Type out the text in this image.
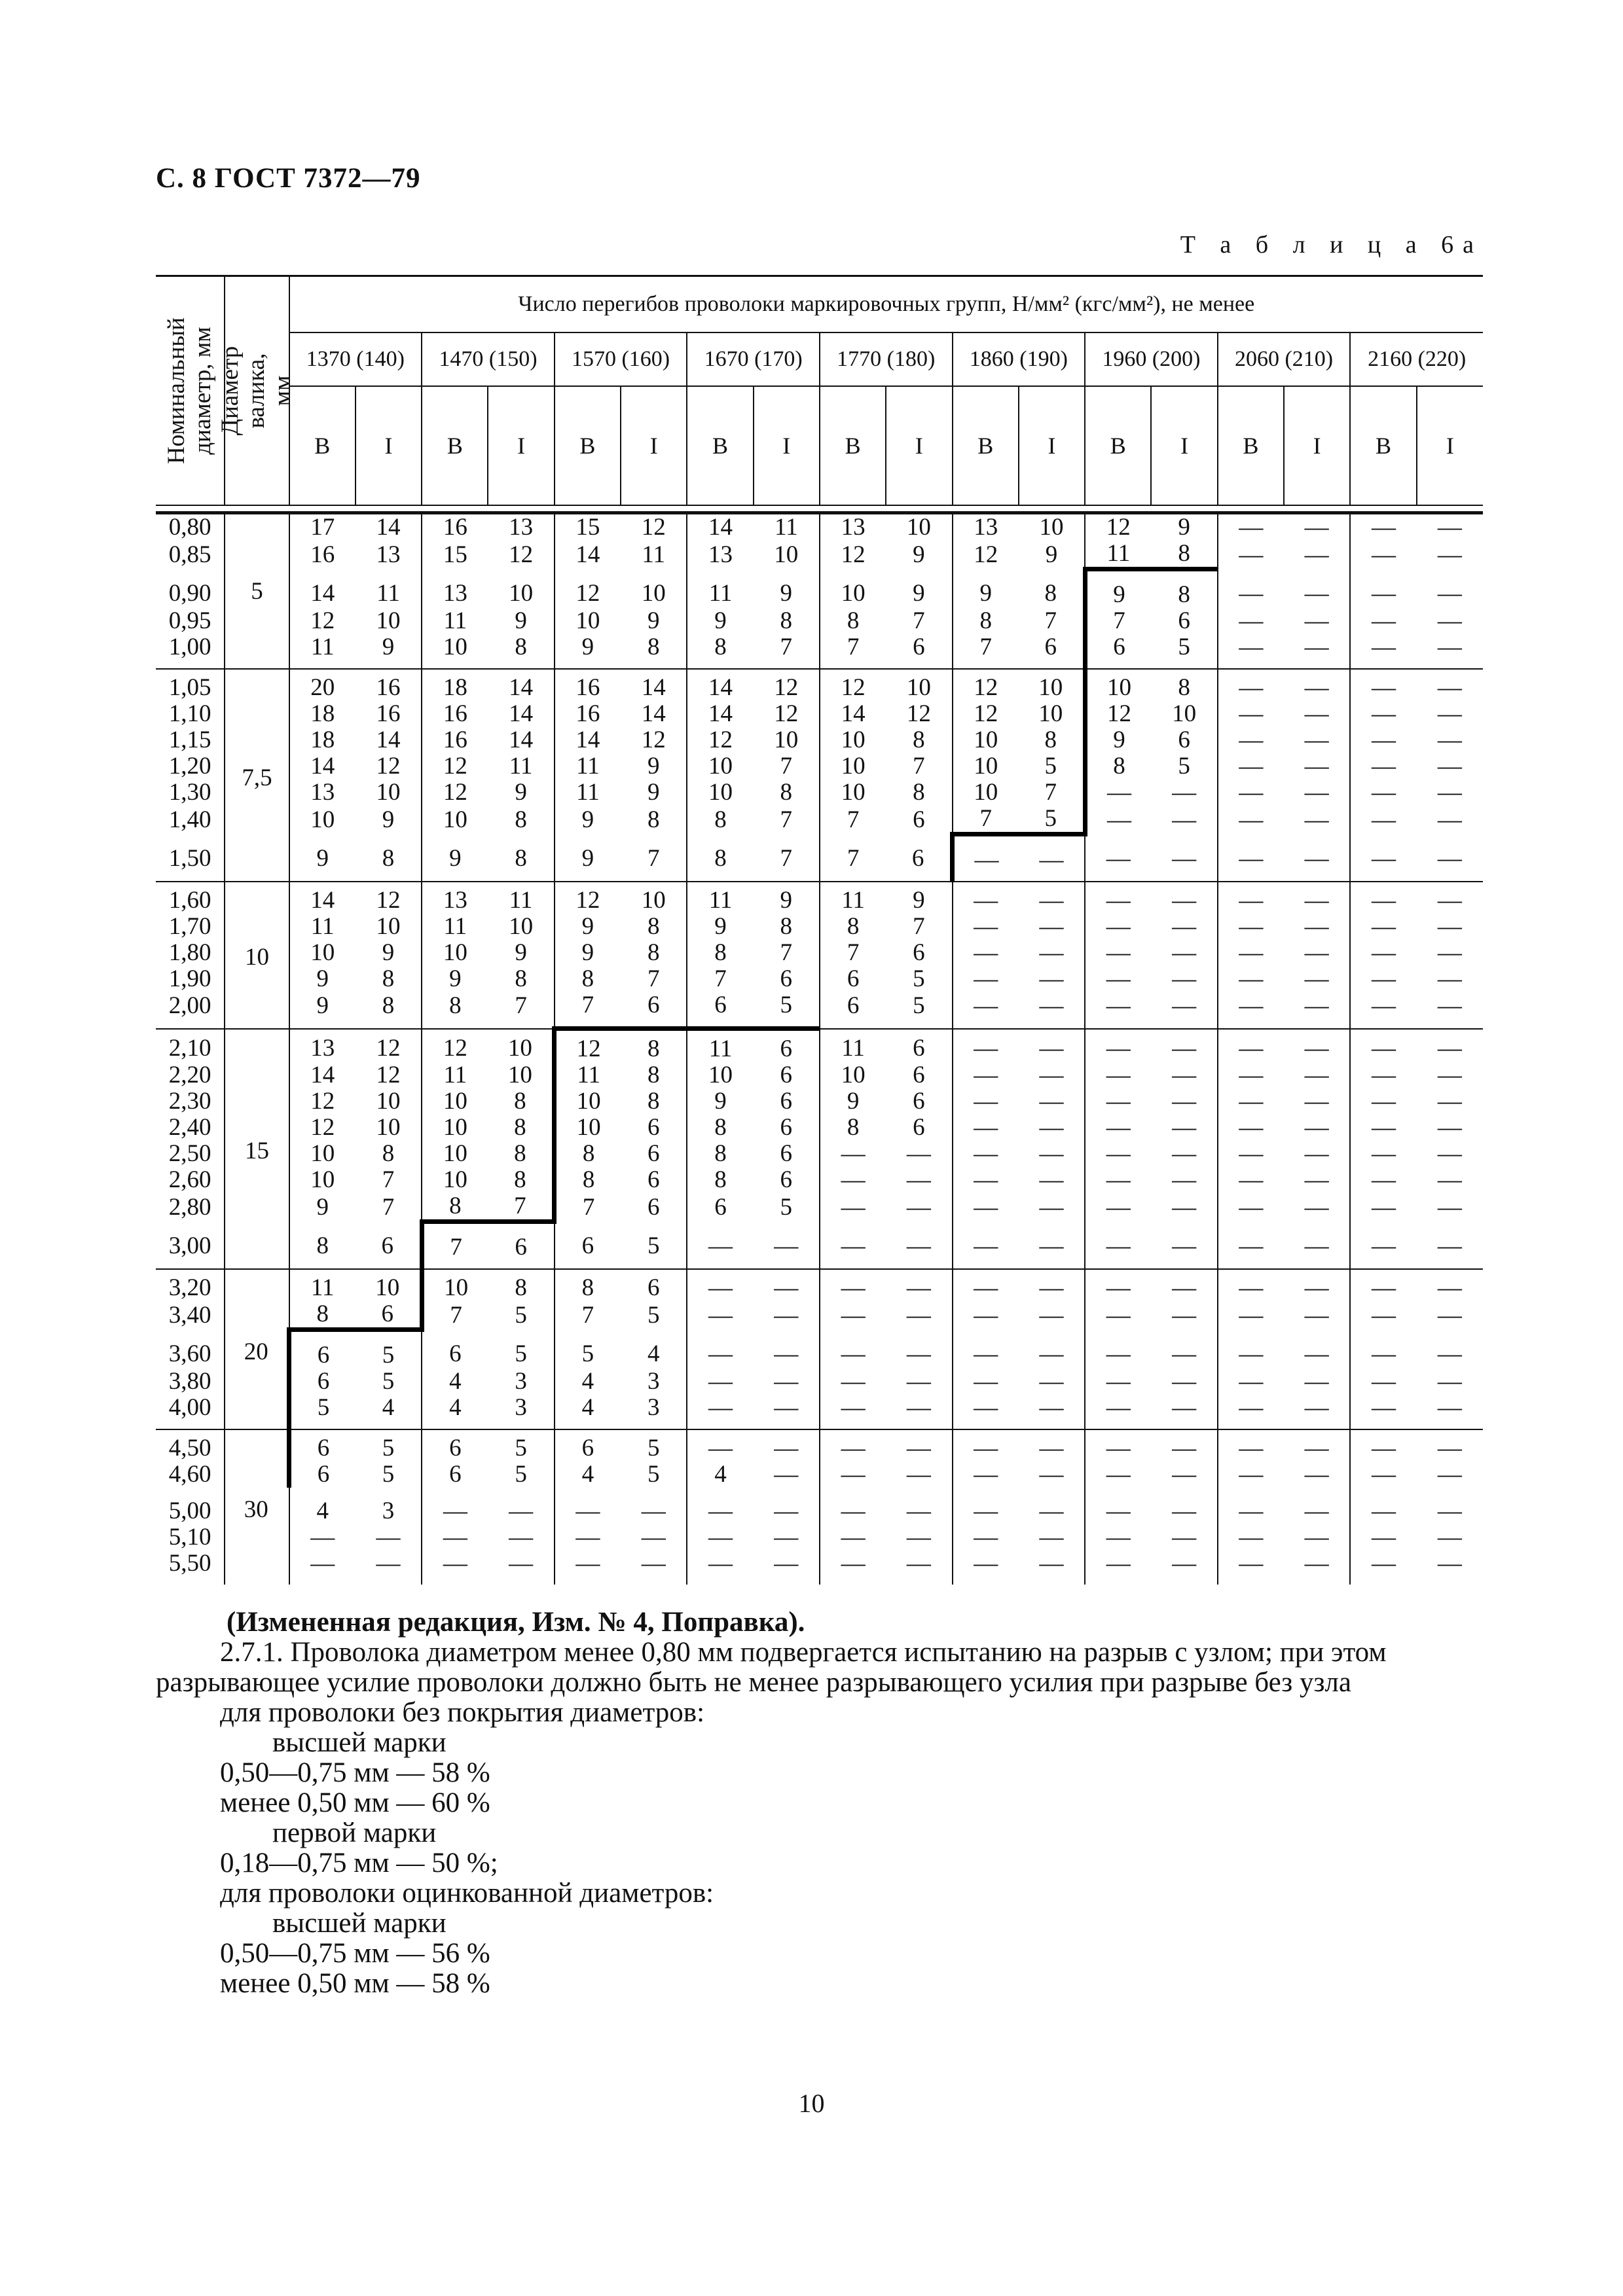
С. 8 ГОСТ 7372—79
Т а б л и ц а 6а
Номинальный диаметр, мм	Диаметр валика, мм	Число перегибов проволоки маркировочных групп, Н/мм² (кгс/мм²), не менее																	
		1370 (140)		1470 (150)		1570 (160)		1670 (170)		1770 (180)		1860 (190)		1960 (200)		2060 (210)		2160 (220)	
		В	I	В	I	В	I	В	I	В	I	В	I	В	I	В	I	В	I

0,80	5	17	14	16	13	15	12	14	11	13	10	13	10	12	9	—	—	—	—
0,85		16	13	15	12	14	11	13	10	12	9	12	9	11	8	—	—	—	—
0,90		14	11	13	10	12	10	11	9	10	9	9	8	9	8	—	—	—	—
0,95		12	10	11	9	10	9	9	8	8	7	8	7	7	6	—	—	—	—
1,00		11	9	10	8	9	8	8	7	7	6	7	6	6	5	—	—	—	—
1,05	7,5	20	16	18	14	16	14	14	12	12	10	12	10	10	8	—	—	—	—
1,10		18	16	16	14	16	14	14	12	14	12	12	10	12	10	—	—	—	—
1,15		18	14	16	14	14	12	12	10	10	8	10	8	9	6	—	—	—	—
1,20		14	12	12	11	11	9	10	7	10	7	10	5	8	5	—	—	—	—
1,30		13	10	12	9	11	9	10	8	10	8	10	7	—	—	—	—	—	—
1,40		10	9	10	8	9	8	8	7	7	6	7	5	—	—	—	—	—	—
1,50		9	8	9	8	9	7	8	7	7	6	—	—	—	—	—	—	—	—
1,60	10	14	12	13	11	12	10	11	9	11	9	—	—	—	—	—	—	—	—
1,70		11	10	11	10	9	8	9	8	8	7	—	—	—	—	—	—	—	—
1,80		10	9	10	9	9	8	8	7	7	6	—	—	—	—	—	—	—	—
1,90		9	8	9	8	8	7	7	6	6	5	—	—	—	—	—	—	—	—
2,00		9	8	8	7	7	6	6	5	6	5	—	—	—	—	—	—	—	—
2,10	15	13	12	12	10	12	8	11	6	11	6	—	—	—	—	—	—	—	—
2,20		14	12	11	10	11	8	10	6	10	6	—	—	—	—	—	—	—	—
2,30		12	10	10	8	10	8	9	6	9	6	—	—	—	—	—	—	—	—
2,40		12	10	10	8	10	6	8	6	8	6	—	—	—	—	—	—	—	—
2,50		10	8	10	8	8	6	8	6	—	—	—	—	—	—	—	—	—	—
2,60		10	7	10	8	8	6	8	6	—	—	—	—	—	—	—	—	—	—
2,80		9	7	8	7	7	6	6	5	—	—	—	—	—	—	—	—	—	—
3,00		8	6	7	6	6	5	—	—	—	—	—	—	—	—	—	—	—	—
3,20	20	11	10	10	8	8	6	—	—	—	—	—	—	—	—	—	—	—	—
3,40		8	6	7	5	7	5	—	—	—	—	—	—	—	—	—	—	—	—
3,60		6	5	6	5	5	4	—	—	—	—	—	—	—	—	—	—	—	—
3,80		6	5	4	3	4	3	—	—	—	—	—	—	—	—	—	—	—	—
4,00		5	4	4	3	4	3	—	—	—	—	—	—	—	—	—	—	—	—
4,50	30	6	5	6	5	6	5	—	—	—	—	—	—	—	—	—	—	—	—
4,60		6	5	6	5	4	5	4	—	—	—	—	—	—	—	—	—	—	—
5,00		4	3	—	—	—	—	—	—	—	—	—	—	—	—	—	—	—	—
5,10		—	—	—	—	—	—	—	—	—	—	—	—	—	—	—	—	—	—
5,50		—	—	—	—	—	—	—	—	—	—	—	—	—	—	—	—	—	—

(Измененная редакция, Изм. № 4, Поправка).

2.7.1. Проволока диаметром менее 0,80 мм подвергается испытанию на разрыв с узлом; при этом

разрывающее усилие проволоки должно быть не менее разрывающего усилия при разрыве без узла

для проволоки без покрытия диаметров:

высшей марки

0,50—0,75 мм — 58 %

менее 0,50 мм — 60 %

первой марки

0,18—0,75 мм — 50 %;

для проволоки оцинкованной диаметров:

высшей марки

0,50—0,75 мм — 56 %

менее 0,50 мм — 58 %

10
